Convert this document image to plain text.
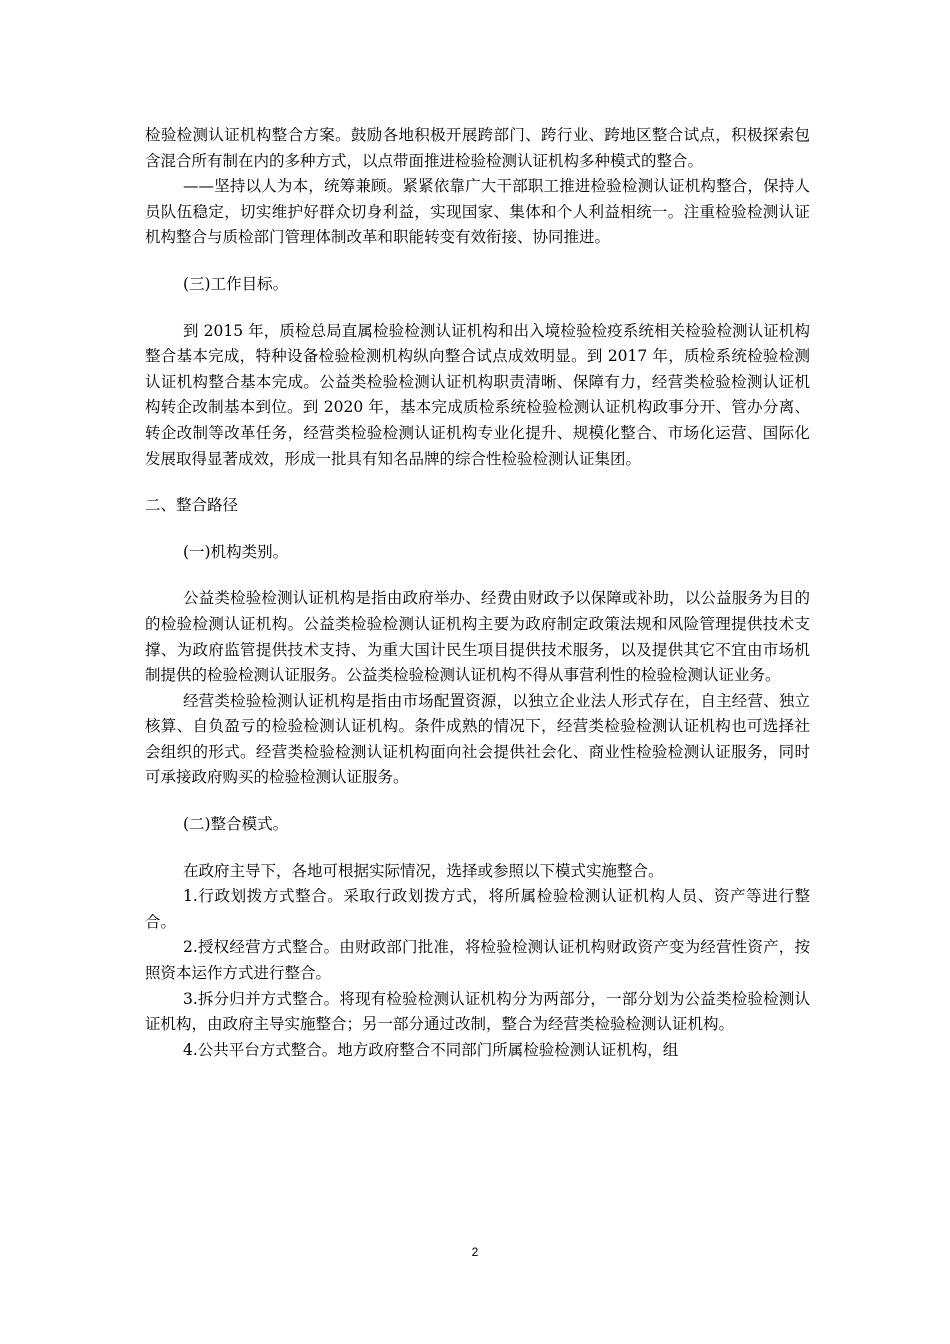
检验检测认证机构整合方案。鼓励各地积极开展跨部门、跨行业、跨地区整合试点，积极探索包含混合所有制在内的多种方式，以点带面推进检验检测认证机构多种模式的整合。

——坚持以人为本，统筹兼顾。紧紧依靠广大干部职工推进检验检测认证机构整合，保持人员队伍稳定，切实维护好群众切身利益，实现国家、集体和个人利益相统一。注重检验检测认证机构整合与质检部门管理体制改革和职能转变有效衔接、协同推进。

(三)工作目标。

到 2015 年，质检总局直属检验检测认证机构和出入境检验检疫系统相关检验检测认证机构整合基本完成，特种设备检验检测机构纵向整合试点成效明显。到 2017 年，质检系统检验检测认证机构整合基本完成。公益类检验检测认证机构职责清晰、保障有力，经营类检验检测认证机构转企改制基本到位。到 2020 年，基本完成质检系统检验检测认证机构政事分开、管办分离、转企改制等改革任务，经营类检验检测认证机构专业化提升、规模化整合、市场化运营、国际化发展取得显著成效，形成一批具有知名品牌的综合性检验检测认证集团。

二、整合路径

(一)机构类别。

公益类检验检测认证机构是指由政府举办、经费由财政予以保障或补助，以公益服务为目的的检验检测认证机构。公益类检验检测认证机构主要为政府制定政策法规和风险管理提供技术支撑、为政府监管提供技术支持、为重大国计民生项目提供技术服务，以及提供其它不宜由市场机制提供的检验检测认证服务。公益类检验检测认证机构不得从事营利性的检验检测认证业务。

经营类检验检测认证机构是指由市场配置资源，以独立企业法人形式存在，自主经营、独立核算、自负盈亏的检验检测认证机构。条件成熟的情况下，经营类检验检测认证机构也可选择社会组织的形式。经营类检验检测认证机构面向社会提供社会化、商业性检验检测认证服务，同时可承接政府购买的检验检测认证服务。

(二)整合模式。

在政府主导下，各地可根据实际情况，选择或参照以下模式实施整合。

1.行政划拨方式整合。采取行政划拨方式，将所属检验检测认证机构人员、资产等进行整合。

2.授权经营方式整合。由财政部门批准，将检验检测认证机构财政资产变为经营性资产，按照资本运作方式进行整合。

3.拆分归并方式整合。将现有检验检测认证机构分为两部分，一部分划为公益类检验检测认证机构，由政府主导实施整合；另一部分通过改制，整合为经营类检验检测认证机构。

4.公共平台方式整合。地方政府整合不同部门所属检验检测认证机构，组

2
